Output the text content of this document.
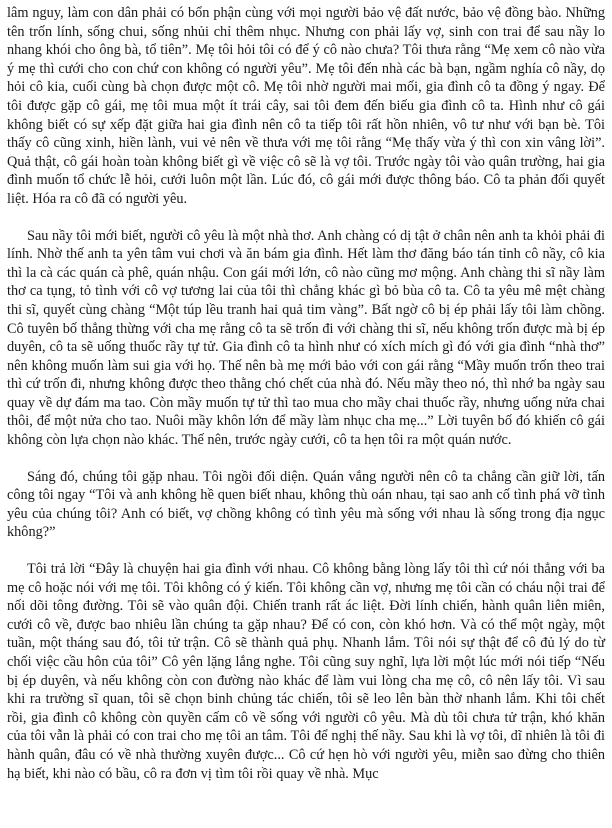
lâm nguy, làm con dân phải có bổn phận cùng với mọi người bảo vệ đất nước, bảo vệ đồng bào. Những tên trốn lính, sống chui, sống nhủi chỉ thêm nhục. Nhưng con phải lấy vợ, sinh con trai để sau nầy lo nhang khói cho ông bà, tổ tiên”. Mẹ tôi hỏi tôi có để ý cô nào chưa? Tôi thưa rằng “Mẹ xem cô nào vừa ý mẹ thì cưới cho con chứ con không có người yêu”. Mẹ tôi đến nhà các bà bạn, ngầm nghía cô nầy, dọ hỏi cô kia, cuối cùng bà chọn được một cô. Mẹ tôi nhờ người mai mối, gia đình cô ta đồng ý ngay. Để tôi được gặp cô gái, mẹ tôi mua một ít trái cây, sai tôi đem đến biếu gia đình cô ta. Hình như cô gái không biết có sự xếp đặt giữa hai gia đình nên cô ta tiếp tôi rất hồn nhiên, vô tư như với bạn bè. Tôi thấy cô cũng xinh, hiền lành, vui vẻ nên về thưa với mẹ tôi rằng “Mẹ thấy vừa ý thì con xin vâng lời”. Quả thật, cô gái hoàn toàn không biết gì về việc cô sẽ là vợ tôi. Trước ngày tôi vào quân trường, hai gia đình muốn tổ chức lễ hỏi, cưới luôn một lần. Lúc đó, cô gái mới được thông báo. Cô ta phản đối quyết liệt. Hóa ra cô đã có người yêu.

Sau nầy tôi mới biết, người cô yêu là một nhà thơ. Anh chàng có dị tật ở chân nên anh ta khỏi phải đi lính. Nhờ thế anh ta yên tâm vui chơi và ăn bám gia đình. Hết làm thơ đăng báo tán tỉnh cô nầy, cô kia thì la cà các quán cà phê, quán nhậu. Con gái mới lớn, cô nào cũng mơ mộng. Anh chàng thi sĩ nầy làm thơ ca tụng, tỏ tình với cô vợ tương lai của tôi thì chẳng khác gì bỏ bùa cô ta. Cô ta yêu mê mệt chàng thi sĩ, quyết cùng chàng “Một túp lều tranh hai quả tim vàng”. Bất ngờ cô bị ép phải lấy tôi làm chồng. Cô tuyên bố thẳng thừng với cha mẹ rằng cô ta sẽ trốn đi với chàng thi sĩ, nếu không trốn được mà bị ép duyên, cô ta sẽ uống thuốc rầy tự tử. Gia đình cô ta hình như có xích mích gì đó với gia đình “nhà thơ” nên không muốn làm sui gia với họ. Thế nên bà mẹ mới bảo với con gái rằng “Mầy muốn trốn theo trai thì cứ trốn đi, nhưng không được theo thằng chó chết của nhà đó. Nếu mầy theo nó, thì nhớ ba ngày sau quay về dự đám ma tao. Còn mầy muốn tự tử thì tao mua cho mầy chai thuốc rầy, nhưng uống nửa chai thôi, để một nửa cho tao. Nuôi mầy khôn lớn để mầy làm nhục cha mẹ...” Lời tuyên bố đó khiến cô gái không còn lựa chọn nào khác. Thế nên, trước ngày cưới, cô ta hẹn tôi ra một quán nước.

Sáng đó, chúng tôi gặp nhau. Tôi ngồi đối diện. Quán vắng người nên cô ta chẳng cần giữ lời, tấn công tôi ngay “Tôi và anh không hề quen biết nhau, không thù oán nhau, tại sao anh cố tình phá vỡ tình yêu của chúng tôi? Anh có biết, vợ chồng không có tình yêu mà sống với nhau là sống trong địa ngục không?”

Tôi trả lời “Đây là chuyện hai gia đình với nhau. Cô không bằng lòng lấy tôi thì cứ nói thẳng với ba mẹ cô hoặc nói với mẹ tôi. Tôi không có ý kiến. Tôi không cần vợ, nhưng mẹ tôi cần có cháu nội trai để nối dõi tông đường. Tôi sẽ vào quân đội. Chiến tranh rất ác liệt. Đời lính chiến, hành quân liên miên, cưới cô về, được bao nhiêu lần chúng ta gặp nhau? Để có con, còn khó hơn. Và có thể một ngày, một tuần, một tháng sau đó, tôi tử trận. Cô sẽ thành quả phụ. Nhanh lắm. Tôi nói sự thật để cô đủ lý do từ chối việc cầu hôn của tôi” Cô yên lặng lắng nghe. Tôi cũng suy nghĩ, lựa lời một lúc mới nói tiếp “Nếu bị ép duyên, và nếu không còn con đường nào khác để làm vui lòng cha mẹ cô, cô nên lấy tôi. Vì sau khi ra trường sĩ quan, tôi sẽ chọn binh chủng tác chiến, tôi sẽ leo lên bàn thờ nhanh lắm. Khi tôi chết rồi, gia đình cô không còn quyền cấm cô về sống với người cô yêu. Mà dù tôi chưa tử trận, khó khăn của tôi vẫn là phải có con trai cho mẹ tôi an tâm. Tôi để nghị thế nầy. Sau khi là vợ tôi, dĩ nhiên là tôi đi hành quân, đâu có về nhà thường xuyên được... Cô cứ hẹn hò với người yêu, miễn sao đừng cho thiên hạ biết, khi nào có bầu, cô ra đơn vị tìm tôi rồi quay về nhà. Mục
